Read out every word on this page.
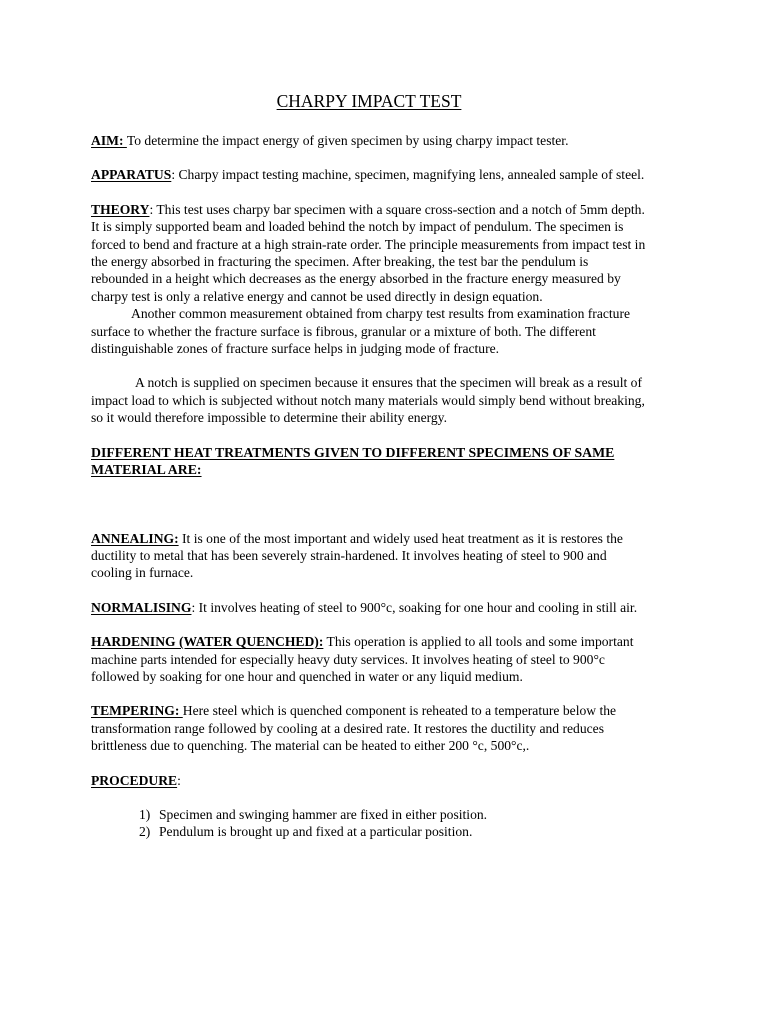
CHARPY IMPACT TEST

AIM: To determine the impact energy of given specimen by using charpy impact tester.

APPARATUS: Charpy impact testing machine, specimen, magnifying lens, annealed sample of steel.

THEORY: This test uses charpy bar specimen with a square cross-section and a notch of 5mm depth. It is simply supported beam and loaded behind the notch by impact of pendulum. The specimen is forced to bend and fracture at a high strain-rate order. The principle measurements from impact test in the energy absorbed in fracturing the specimen. After breaking, the test bar the pendulum is rebounded in a height which decreases as the energy absorbed in the fracture energy measured by charpy test is only a relative energy and cannot be used directly in design equation.

Another common measurement obtained from charpy test results from examination fracture surface to whether the fracture surface is fibrous, granular or a mixture of both. The different distinguishable zones of fracture surface helps in judging mode of fracture.

A notch is supplied on specimen because it ensures that the specimen will break as a result of impact load to which is subjected without notch many materials would simply bend without breaking, so it would therefore impossible to determine their ability energy.

DIFFERENT HEAT TREATMENTS GIVEN TO DIFFERENT SPECIMENS OF SAME MATERIAL ARE:

ANNEALING: It is one of the most important and widely used heat treatment as it is restores the ductility to metal that has been severely strain-hardened. It involves heating of steel to 900 and cooling in furnace.

NORMALISING: It involves heating of steel to 900°c, soaking for one hour and cooling in still air.

HARDENING (WATER QUENCHED): This operation is applied to all tools and some important machine parts intended for especially heavy duty services. It involves heating of steel to 900°c followed by soaking for one hour and quenched in water or any liquid medium.

TEMPERING: Here steel which is quenched component is reheated to a temperature below the transformation range followed by cooling at a desired rate. It restores the ductility and reduces brittleness due to quenching. The material can be heated to either 200 °c, 500°c,.

PROCEDURE:

1) Specimen and swinging hammer are fixed in either position.
2) Pendulum is brought up and fixed at a particular position.
